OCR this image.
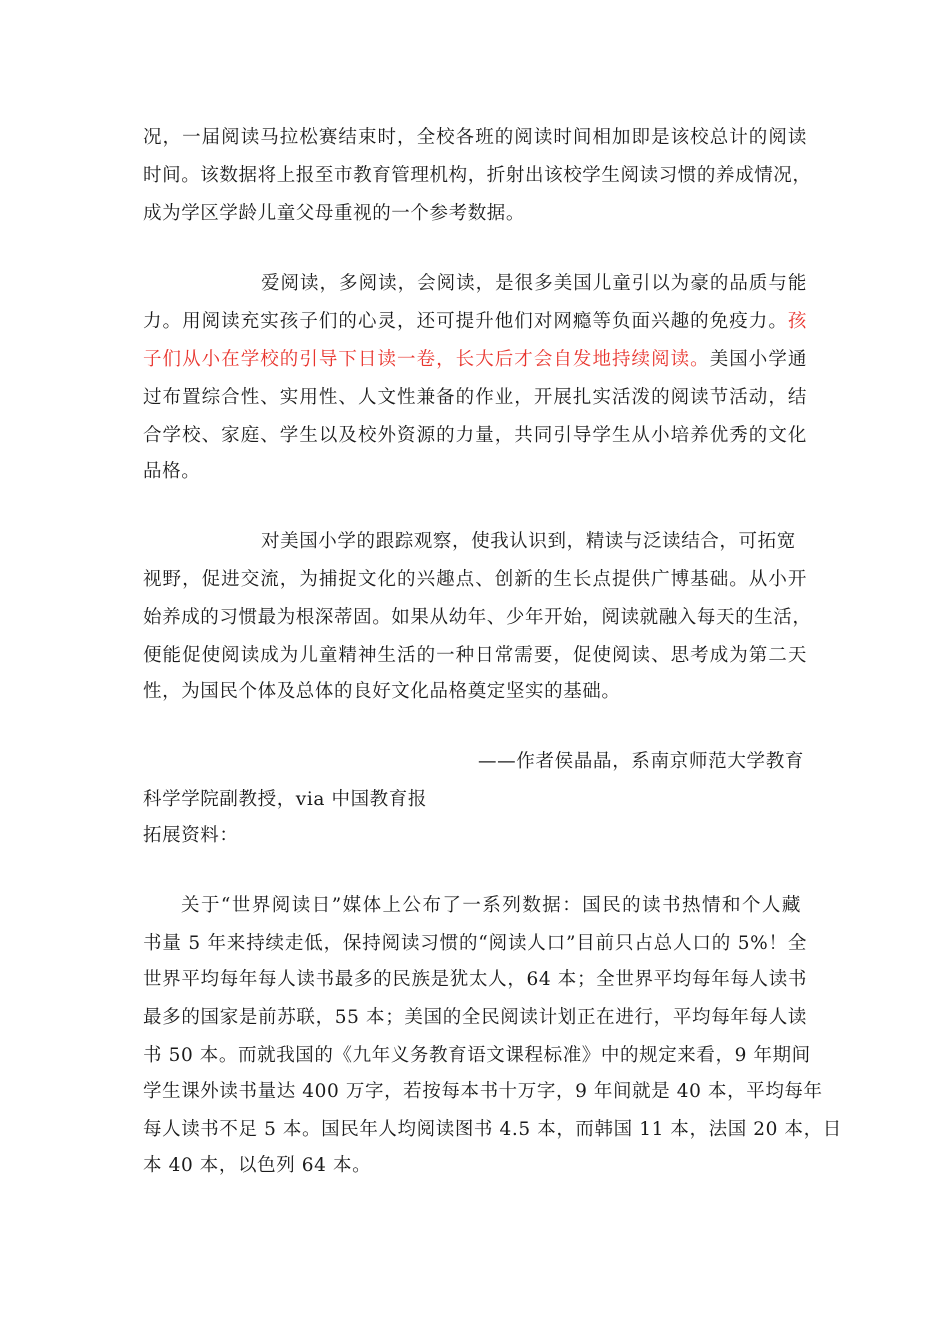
况，一届阅读马拉松赛结束时，全校各班的阅读时间相加即是该校总计的阅读
时间。该数据将上报至市教育管理机构，折射出该校学生阅读习惯的养成情况，
成为学区学龄儿童父母重视的一个参考数据。
爱阅读，多阅读，会阅读，是很多美国儿童引以为豪的品质与能
力。用阅读充实孩子们的心灵，还可提升他们对网瘾等负面兴趣的免疫力。孩
子们从小在学校的引导下日读一卷，长大后才会自发地持续阅读。美国小学通
过布置综合性、实用性、人文性兼备的作业，开展扎实活泼的阅读节活动，结
合学校、家庭、学生以及校外资源的力量，共同引导学生从小培养优秀的文化
品格。
对美国小学的跟踪观察，使我认识到，精读与泛读结合，可拓宽
视野，促进交流，为捕捉文化的兴趣点、创新的生长点提供广博基础。从小开
始养成的习惯最为根深蒂固。如果从幼年、少年开始，阅读就融入每天的生活，
便能促使阅读成为儿童精神生活的一种日常需要，促使阅读、思考成为第二天
性，为国民个体及总体的良好文化品格奠定坚实的基础。
——作者侯晶晶，系南京师范大学教育
科学学院副教授，via 中国教育报
拓展资料：
关于“世界阅读日”媒体上公布了一系列数据：国民的读书热情和个人藏
书量 5 年来持续走低，保持阅读习惯的“阅读人口”目前只占总人口的 5%！全
世界平均每年每人读书最多的民族是犹太人，64 本；全世界平均每年每人读书
最多的国家是前苏联，55 本；美国的全民阅读计划正在进行，平均每年每人读
书 50 本。而就我国的《九年义务教育语文课程标准》中的规定来看，9 年期间
学生课外读书量达 400 万字，若按每本书十万字，9 年间就是 40 本，平均每年
每人读书不足 5 本。国民年人均阅读图书 4.5 本，而韩国 11 本，法国 20 本，日
本 40 本，以色列 64 本。
